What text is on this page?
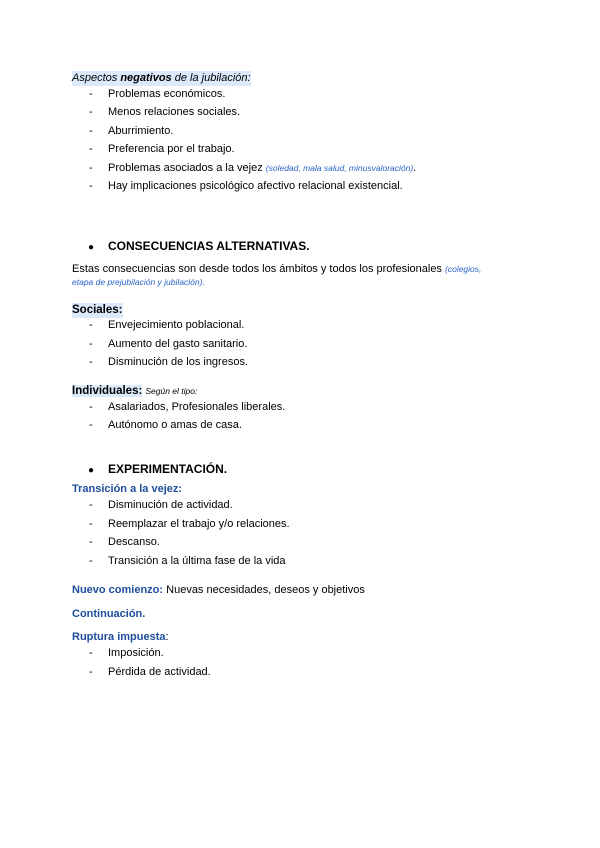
Aspectos negativos de la jubilación:
- Problemas económicos.
- Menos relaciones sociales.
- Aburrimiento.
- Preferencia por el trabajo.
- Problemas asociados a la vejez (soledad, mala salud, minusvaloración).
- Hay implicaciones psicológico afectivo relacional existencial.
● CONSECUENCIAS ALTERNATIVAS.
Estas consecuencias son desde todos los ámbitos y todos los profesionales (colegios,
etapa de prejubilación y jubilación).
Sociales:
- Envejecimiento poblacional.
- Aumento del gasto sanitario.
- Disminución de los ingresos.
Individuales: Según el tipo:
- Asalariados, Profesionales liberales.
- Autónomo o amas de casa.
● EXPERIMENTACIÓN.
Transición a la vejez:
- Disminución de actividad.
- Reemplazar el trabajo y/o relaciones.
- Descanso.
- Transición a la última fase de la vida
Nuevo comienzo: Nuevas necesidades, deseos y objetivos
Continuación.
Ruptura impuesta:
- Imposición.
- Pérdida de actividad.
